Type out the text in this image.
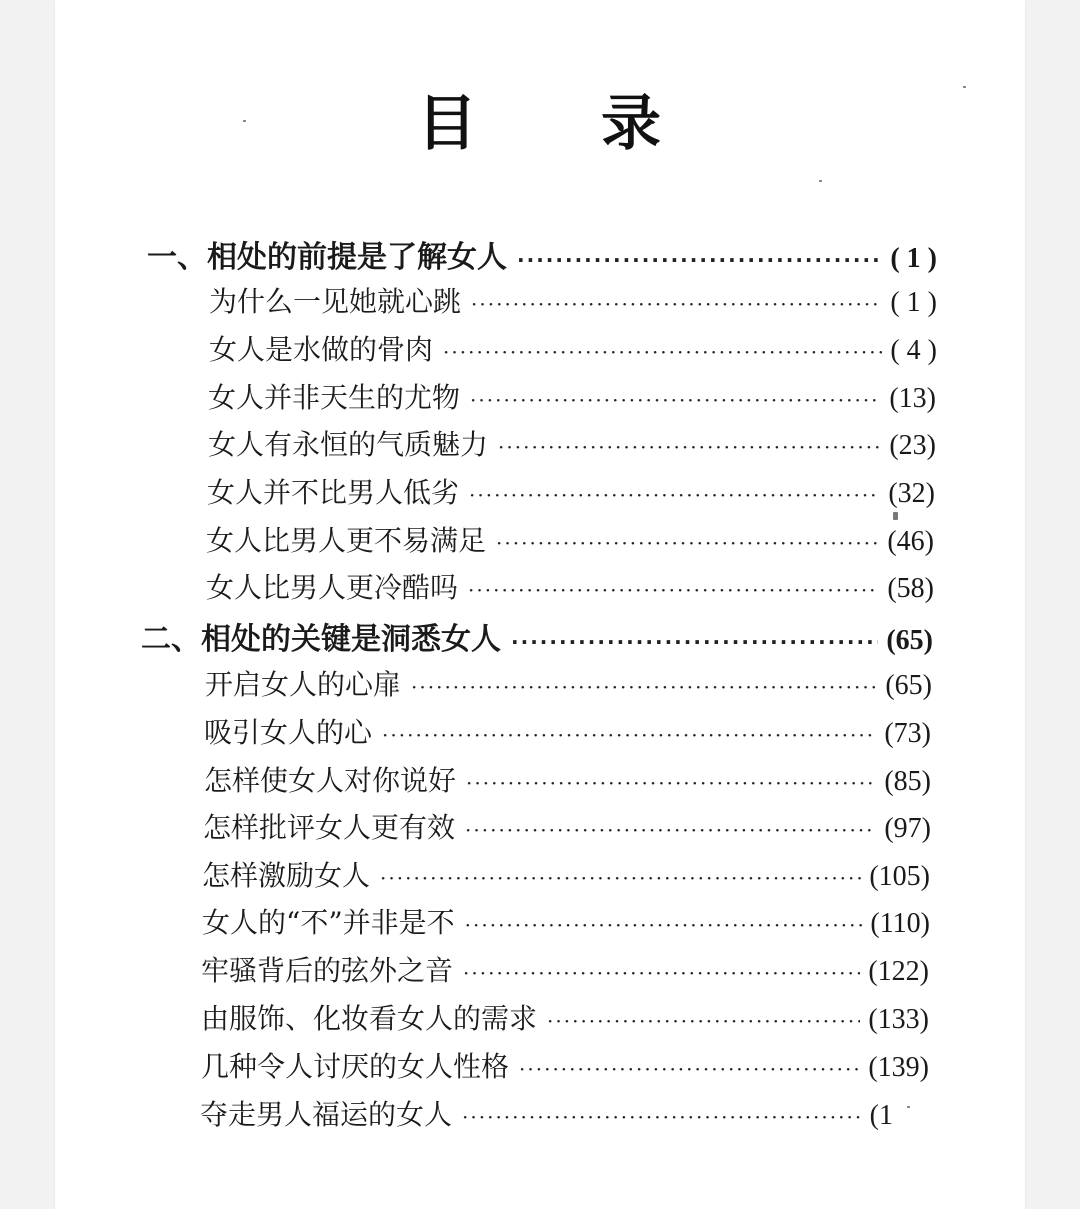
目 录
一、相处的前提是了解女人 ·····	( 1 )
为什么一见她就心跳 ·····	( 1 )
女人是水做的骨肉 ·····	( 4 )
女人并非天生的尤物 ·····	(13)
女人有永恒的气质魅力 ·····	(23)
女人并不比男人低劣 ·····	(32)
女人比男人更不易满足 ·····	(46)
女人比男人更冷酷吗 ·····	(58)
二、相处的关键是洞悉女人 ·····	(65)
开启女人的心扉 ·····	(65)
吸引女人的心 ·····	(73)
怎样使女人对你说好 ·····	(85)
怎样批评女人更有效 ·····	(97)
怎样激励女人 ·····	(105)
女人的“不”并非是不 ·····	(110)
牢骚背后的弦外之音 ·····	(122)
由服饰、化妆看女人的需求 ·····	(133)
几种令人讨厌的女人性格 ·····	(139)
夺走男人福运的女人 ·····	(1
